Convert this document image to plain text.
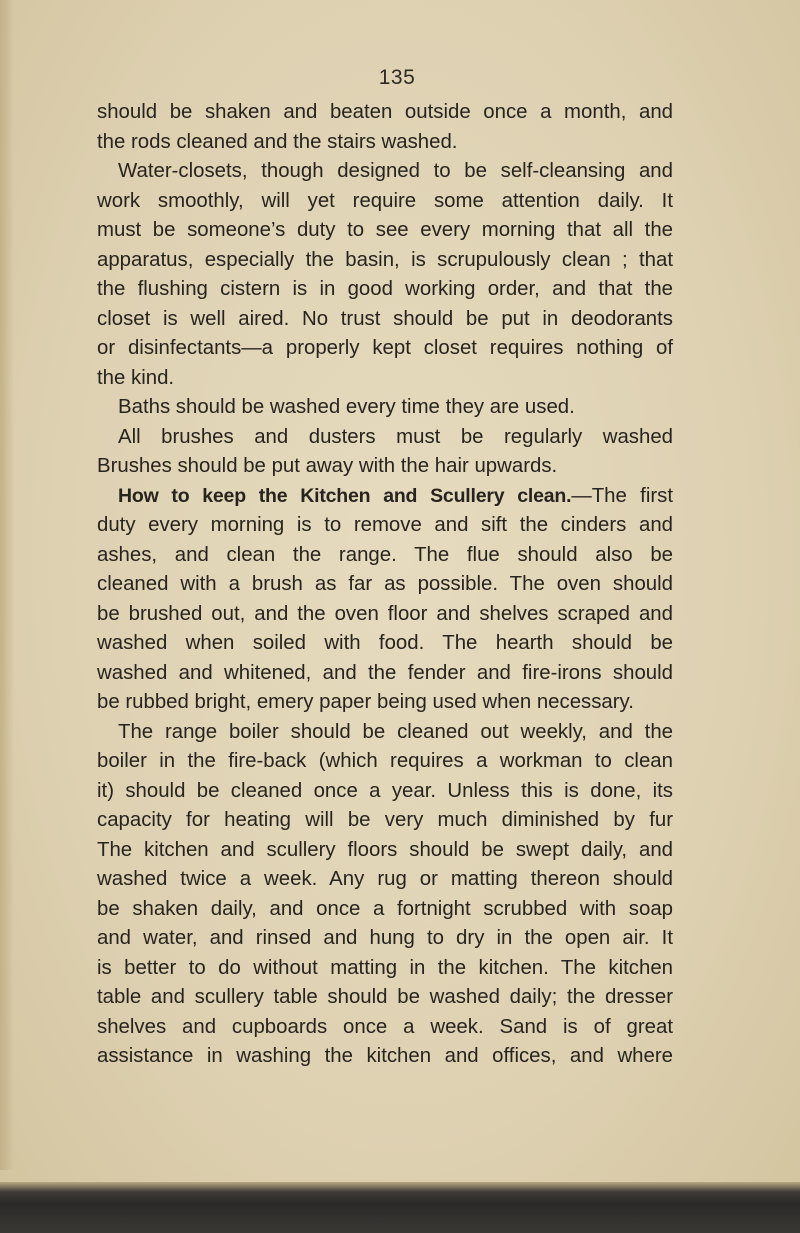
135
should be shaken and beaten outside once a month, and
the rods cleaned and the stairs washed.
Water-closets, though designed to be self-cleansing and
work smoothly, will yet require some attention daily. It
must be someone’s duty to see every morning that all the
apparatus, especially the basin, is scrupulously clean ; that
the flushing cistern is in good working order, and that the
closet is well aired. No trust should be put in deodorants
or disinfectants—a properly kept closet requires nothing of
the kind.
Baths should be washed every time they are used.
All brushes and dusters must be regularly washed
Brushes should be put away with the hair upwards.
How to keep the Kitchen and Scullery clean.—The first
duty every morning is to remove and sift the cinders and
ashes, and clean the range. The flue should also be
cleaned with a brush as far as possible. The oven should
be brushed out, and the oven floor and shelves scraped and
washed when soiled with food. The hearth should be
washed and whitened, and the fender and fire-irons should
be rubbed bright, emery paper being used when necessary.
The range boiler should be cleaned out weekly, and the
boiler in the fire-back (which requires a workman to clean
it) should be cleaned once a year. Unless this is done, its
capacity for heating will be very much diminished by fur
The kitchen and scullery floors should be swept daily, and
washed twice a week. Any rug or matting thereon should
be shaken daily, and once a fortnight scrubbed with soap
and water, and rinsed and hung to dry in the open air. It
is better to do without matting in the kitchen. The kitchen
table and scullery table should be washed daily; the dresser
shelves and cupboards once a week. Sand is of great
assistance in washing the kitchen and offices, and where
